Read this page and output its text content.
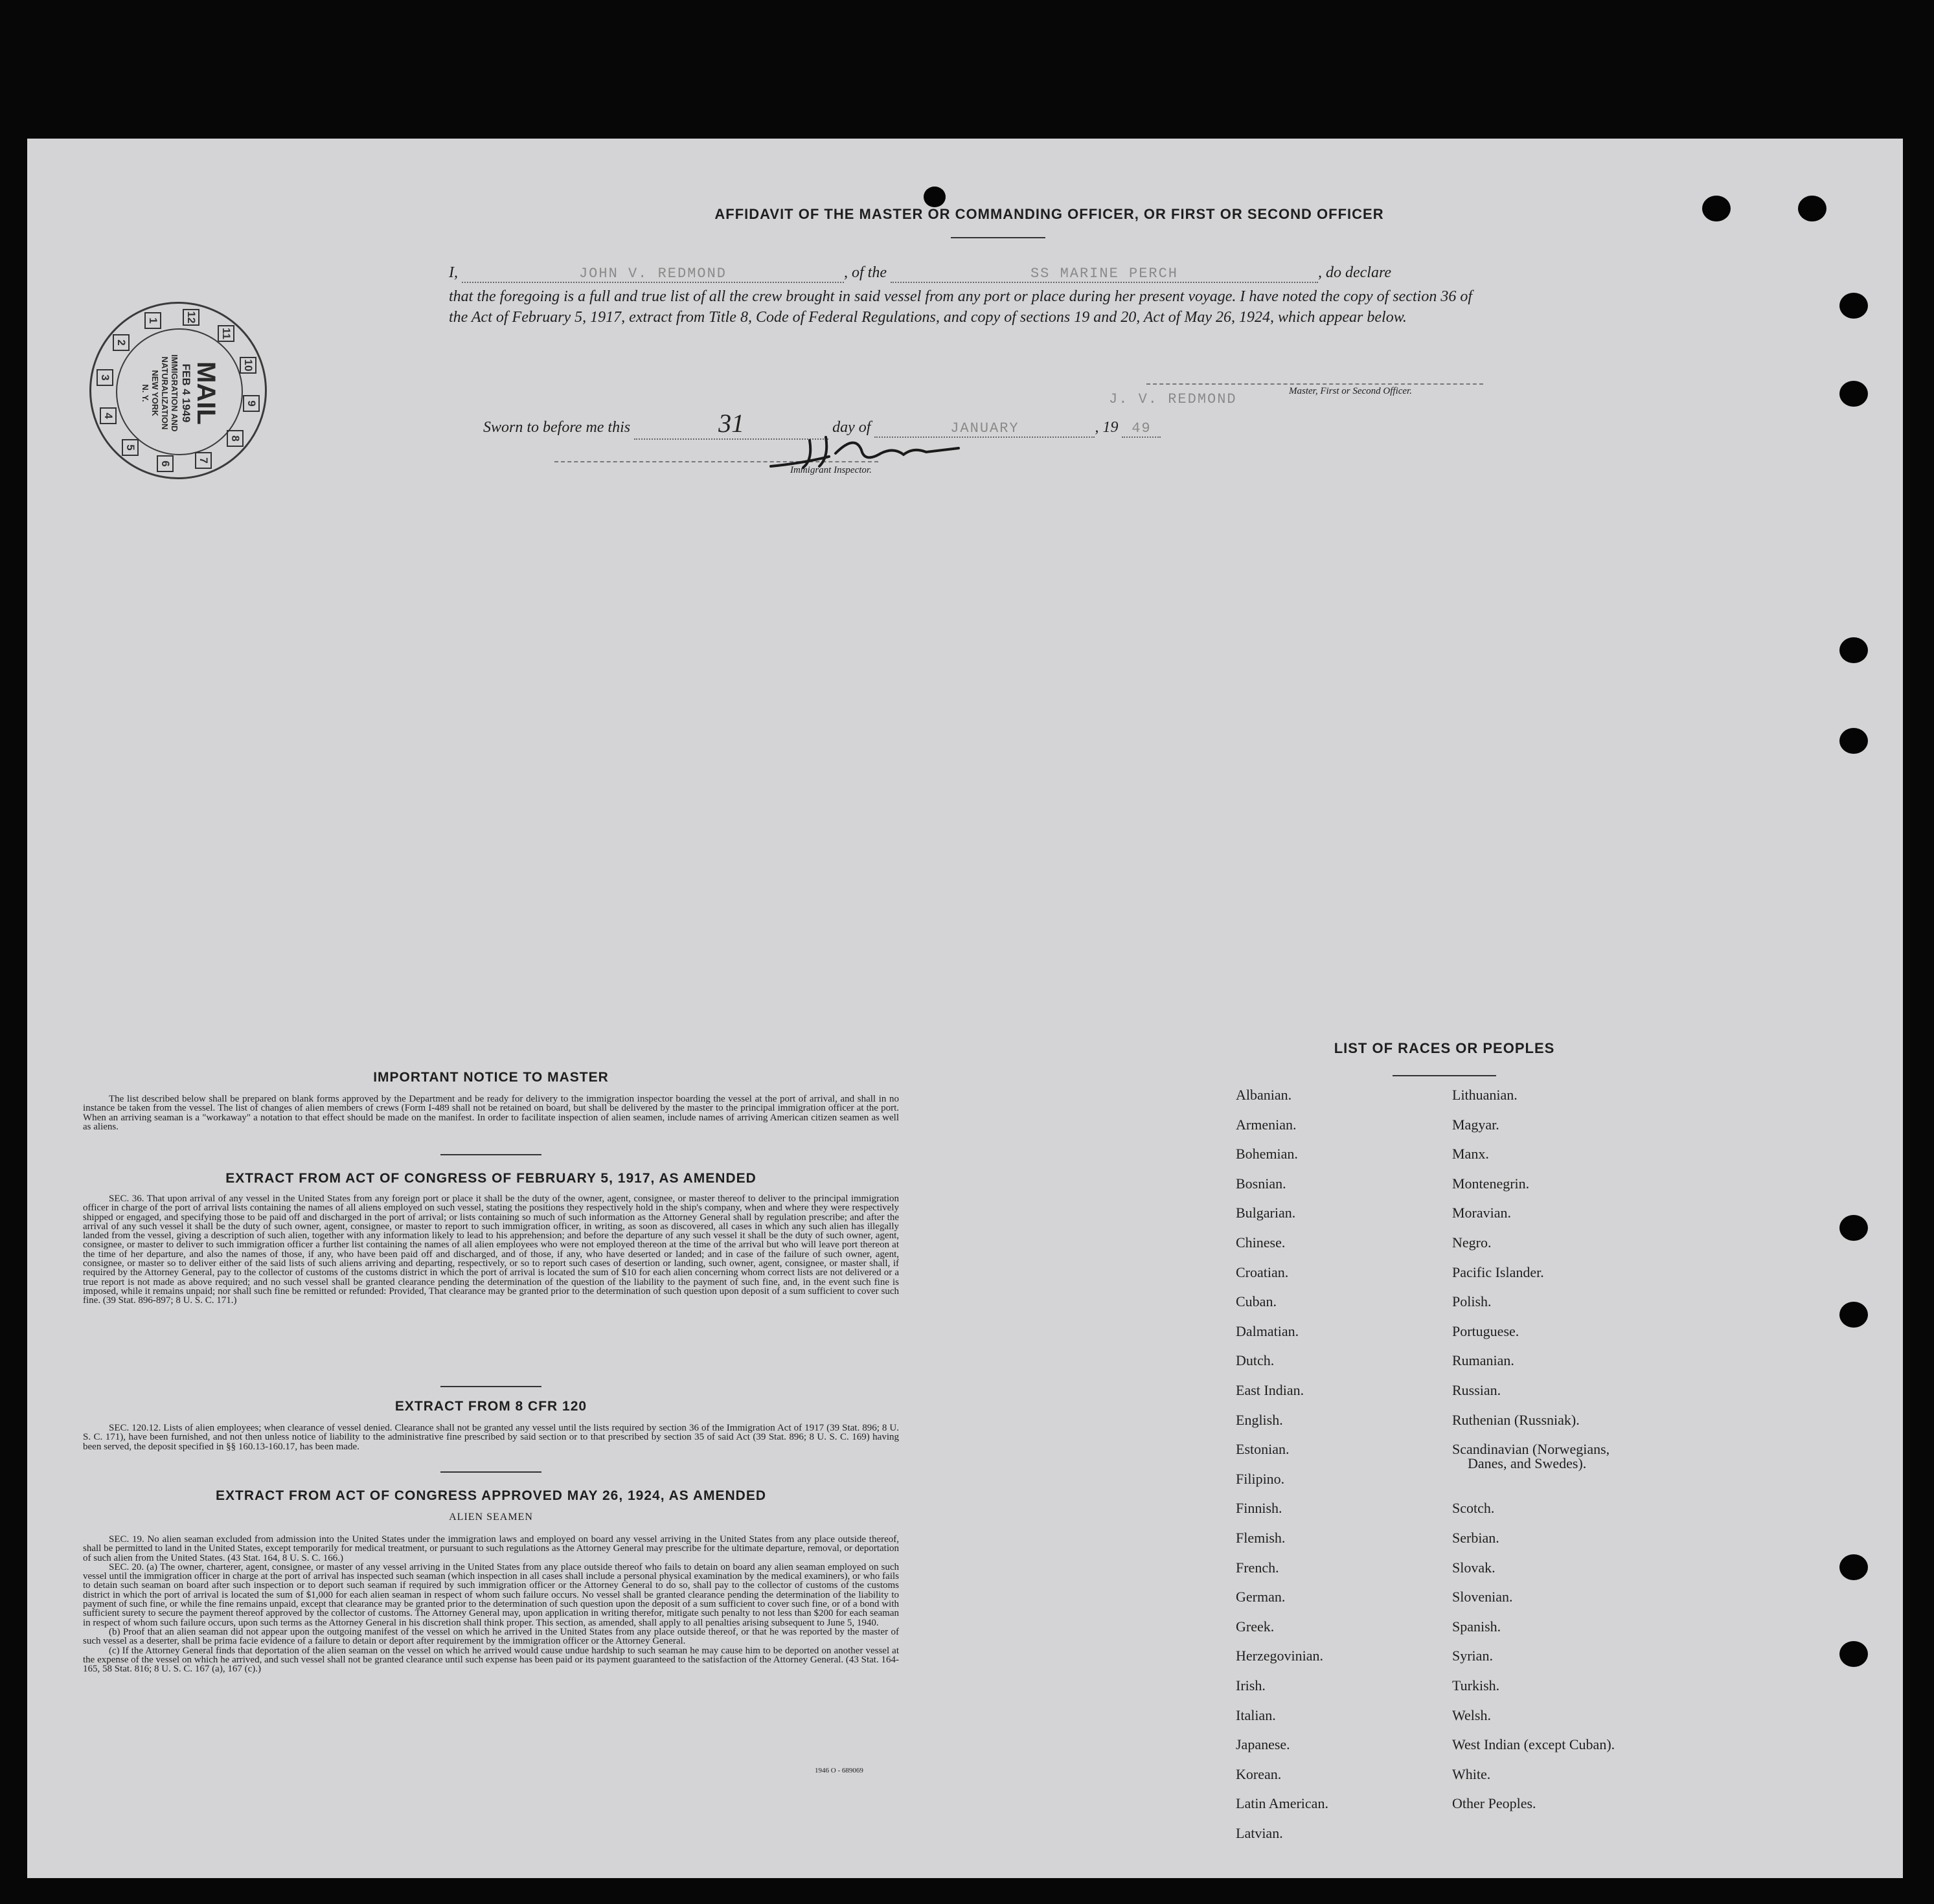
AFFIDAVIT OF THE MASTER OR COMMANDING OFFICER, OR FIRST OR SECOND OFFICER
I,	JOHN V. REDMOND	, of the	SS MARINE PERCH	, do declare
that the foregoing is a full and true list of all the crew brought in said vessel from any port or place during her present voyage. I have noted the copy of section 36 of the Act of February 5, 1917, extract from Title 8, Code of Federal Regulations, and copy of sections 19 and 20, Act of May 26, 1924, which appear below.
Master, First or Second Officer.
J. V. REDMOND
Sworn to before me this	31	day of	JANUARY	, 19 49
Immigrant Inspector.
MAIL
FEB 4 1949
IMMIGRATION AND
NATURALIZATION
NEW YORK
N. Y.
10
9
8
7
6
5
4
3
2
1 12
11
IMPORTANT NOTICE TO MASTER

The list described below shall be prepared on blank forms approved by the Department and be ready for delivery to the immigration inspector boarding the vessel at the port of arrival, and shall in no instance be taken from the vessel. The list of changes of alien members of crews (Form I-489 shall not be retained on board, but shall be delivered by the master to the principal immigration officer at the port. When an arriving seaman is a "workaway" a notation to that effect should be made on the manifest. In order to facilitate inspection of alien seamen, include names of arriving American citizen seamen as well as aliens.

EXTRACT FROM ACT OF CONGRESS OF FEBRUARY 5, 1917, AS AMENDED

SEC. 36. That upon arrival of any vessel in the United States from any foreign port or place it shall be the duty of the owner, agent, consignee, or master thereof to deliver to the principal immigration officer in charge of the port of arrival lists containing the names of all aliens employed on such vessel, stating the positions they respectively hold in the ship's company, when and where they were respectively shipped or engaged, and specifying those to be paid off and discharged in the port of arrival; or lists containing so much of such information as the Attorney General shall by regulation prescribe; and after the arrival of any such vessel it shall be the duty of such owner, agent, consignee, or master to report to such immigration officer, in writing, as soon as discovered, all cases in which any such alien has illegally landed from the vessel, giving a description of such alien, together with any information likely to lead to his apprehension; and before the departure of any such vessel it shall be the duty of such owner, agent, consignee, or master to deliver to such immigration officer a further list containing the names of all alien employees who were not employed thereon at the time of the arrival but who will leave port thereon at the time of her departure, and also the names of those, if any, who have been paid off and discharged, and of those, if any, who have deserted or landed; and in case of the failure of such owner, agent, consignee, or master so to deliver either of the said lists of such aliens arriving and departing, respectively, or so to report such cases of desertion or landing, such owner, agent, consignee, or master shall, if required by the Attorney General, pay to the collector of customs of the customs district in which the port of arrival is located the sum of $10 for each alien concerning whom correct lists are not delivered or a true report is not made as above required; and no such vessel shall be granted clearance pending the determination of the question of the liability to the payment of such fine, and, in the event such fine is imposed, while it remains unpaid; nor shall such fine be remitted or refunded: Provided, That clearance may be granted prior to the determination of such question upon deposit of a sum sufficient to cover such fine. (39 Stat. 896-897; 8 U. S. C. 171.)

EXTRACT FROM 8 CFR 120

SEC. 120.12. Lists of alien employees; when clearance of vessel denied. Clearance shall not be granted any vessel until the lists required by section 36 of the Immigration Act of 1917 (39 Stat. 896; 8 U. S. C. 171), have been furnished, and not then unless notice of liability to the administrative fine prescribed by said section or to that prescribed by section 35 of said Act (39 Stat. 896; 8 U. S. C. 169) having been served, the deposit specified in §§ 160.13-160.17, has been made.

EXTRACT FROM ACT OF CONGRESS APPROVED MAY 26, 1924, AS AMENDED
ALIEN SEAMEN

SEC. 19. No alien seaman excluded from admission into the United States under the immigration laws and employed on board any vessel arriving in the United States from any place outside thereof, shall be permitted to land in the United States, except temporarily for medical treatment, or pursuant to such regulations as the Attorney General may prescribe for the ultimate departure, removal, or deportation of such alien from the United States. (43 Stat. 164, 8 U. S. C. 166.)

SEC. 20. (a) The owner, charterer, agent, consignee, or master of any vessel arriving in the United States from any place outside thereof who fails to detain on board any alien seaman employed on such vessel until the immigration officer in charge at the port of arrival has inspected such seaman (which inspection in all cases shall include a personal physical examination by the medical examiners), or who fails to detain such seaman on board after such inspection or to deport such seaman if required by such immigration officer or the Attorney General to do so, shall pay to the collector of customs of the customs district in which the port of arrival is located the sum of $1,000 for each alien seaman in respect of whom such failure occurs. No vessel shall be granted clearance pending the determination of the liability to payment of such fine, or while the fine remains unpaid, except that clearance may be granted prior to the determination of such question upon the deposit of a sum sufficient to cover such fine, or of a bond with sufficient surety to secure the payment thereof approved by the collector of customs. The Attorney General may, upon application in writing therefor, mitigate such penalty to not less than $200 for each seaman in respect of whom such failure occurs, upon such terms as the Attorney General in his discretion shall think proper. This section, as amended, shall apply to all penalties arising subsequent to June 5, 1940.

(b) Proof that an alien seaman did not appear upon the outgoing manifest of the vessel on which he arrived in the United States from any place outside thereof, or that he was reported by the master of such vessel as a deserter, shall be prima facie evidence of a failure to detain or deport after requirement by the immigration officer or the Attorney General.

(c) If the Attorney General finds that deportation of the alien seaman on the vessel on which he arrived would cause undue hardship to such seaman he may cause him to be deported on another vessel at the expense of the vessel on which he arrived, and such vessel shall not be granted clearance until such expense has been paid or its payment guaranteed to the satisfaction of the Attorney General. (43 Stat. 164-165, 58 Stat. 816; 8 U. S. C. 167 (a), 167 (c).)

1946 O - 689069
LIST OF RACES OR PEOPLES
Albanian.
Armenian.
Bohemian.
Bosnian.
Bulgarian.
Chinese.
Croatian.
Cuban.
Dalmatian.
Dutch.
East Indian.
English.
Estonian.
Filipino.
Finnish.
Flemish.
French.
German.
Greek.
Herzegovinian.
Irish.
Italian.
Japanese.
Korean.
Latin American.
Latvian.
Lithuanian.
Magyar.
Manx.
Montenegrin.
Moravian.
Negro.
Pacific Islander.
Polish.
Portuguese.
Rumanian.
Russian.
Ruthenian (Russniak).
Scandinavian (Norwegians,
Danes, and Swedes).
Scotch.
Serbian.
Slovak.
Slovenian.
Spanish.
Syrian.
Turkish.
Welsh.
West Indian (except Cuban).
White.
Other Peoples.
